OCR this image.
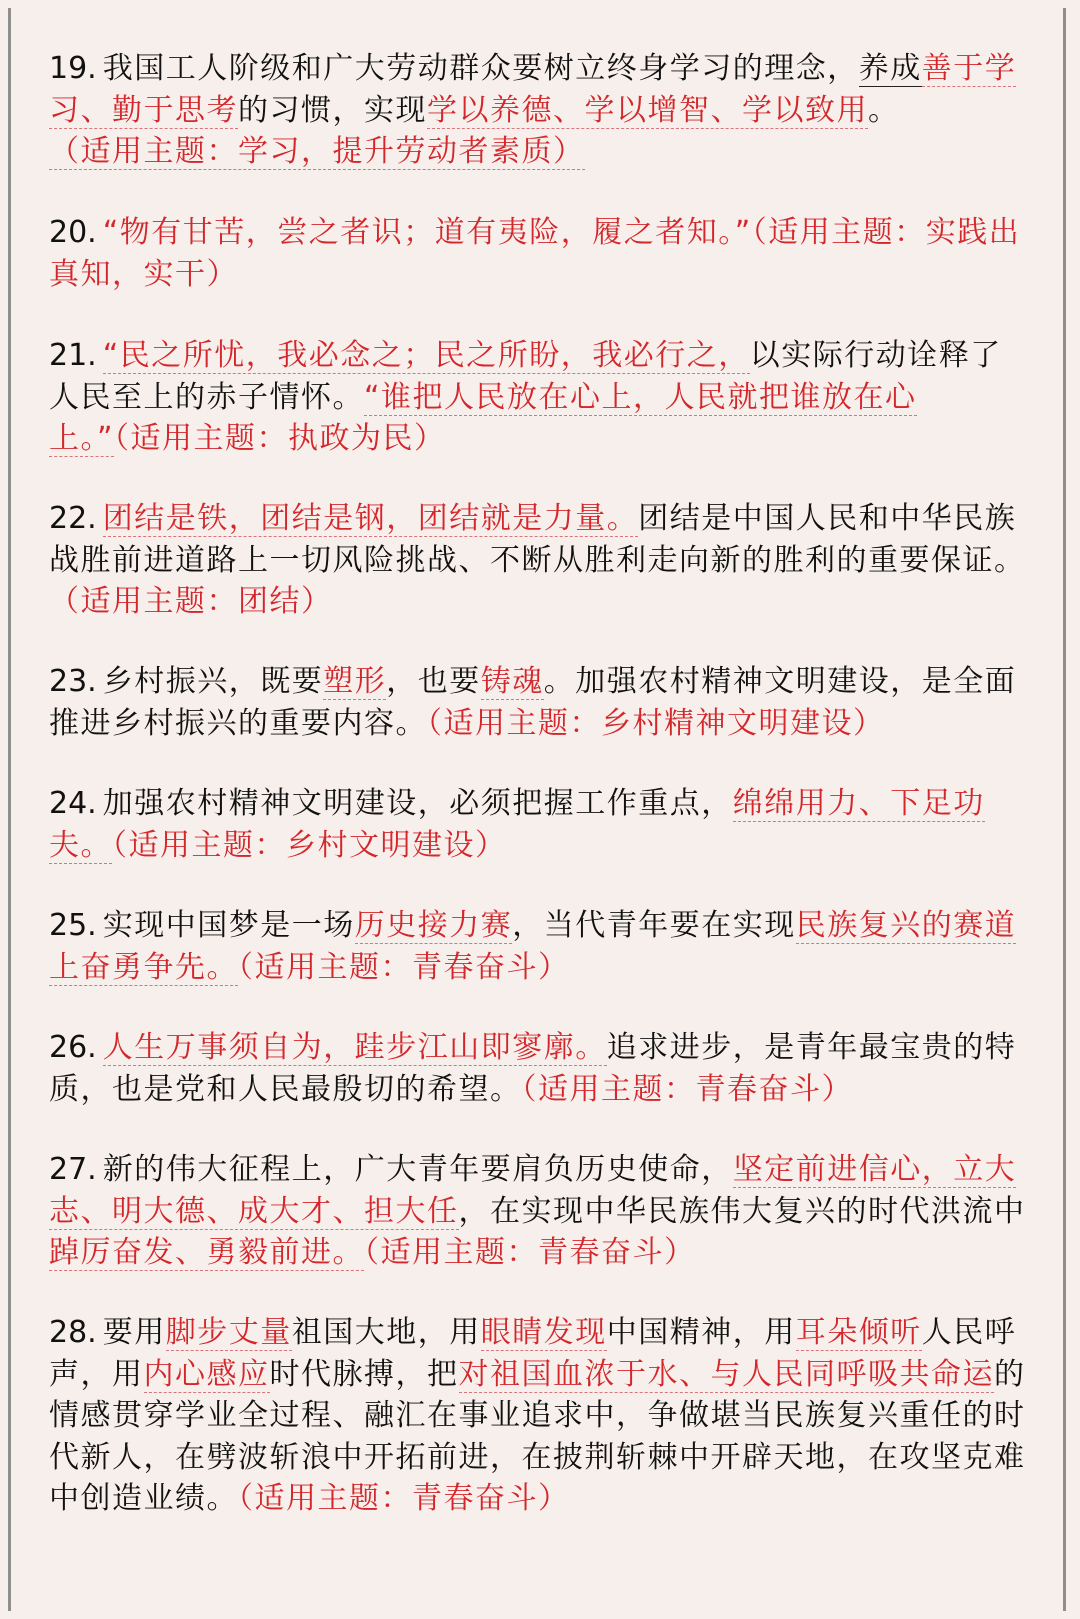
19. 我国工人阶级和广大劳动群众要树立终身学习的理念，养成善于学习、勤于思考的习惯，实现学以养德、学以增智、学以致用。
（适用主题：学习，提升劳动者素质）
20. “物有甘苦，尝之者识；道有夷险，履之者知。”（适用主题：实践出真知，实干）
21. “民之所忧，我必念之；民之所盼，我必行之，以实际行动诠释了人民至上的赤子情怀。“谁把人民放在心上，人民就把谁放在心上。”（适用主题：执政为民）
22. 团结是铁，团结是钢，团结就是力量。团结是中国人民和中华民族战胜前进道路上一切风险挑战、不断从胜利走向新的胜利的重要保证。（适用主题：团结）
23. 乡村振兴，既要塑形，也要铸魂。加强农村精神文明建设，是全面推进乡村振兴的重要内容。（适用主题：乡村精神文明建设）
24. 加强农村精神文明建设，必须把握工作重点，绵绵用力、下足功夫。（适用主题：乡村文明建设）
25. 实现中国梦是一场历史接力赛，当代青年要在实现民族复兴的赛道上奋勇争先。（适用主题：青春奋斗）
26. 人生万事须自为，跬步江山即寥廓。追求进步，是青年最宝贵的特质，也是党和人民最殷切的希望。（适用主题：青春奋斗）
27. 新的伟大征程上，广大青年要肩负历史使命，坚定前进信心，立大志、明大德、成大才、担大任，在实现中华民族伟大复兴的时代洪流中踔厉奋发、勇毅前进。（适用主题：青春奋斗）
28. 要用脚步丈量祖国大地，用眼睛发现中国精神，用耳朵倾听人民呼声，用内心感应时代脉搏，把对祖国血浓于水、与人民同呼吸共命运的情感贯穿学业全过程、融汇在事业追求中，争做堪当民族复兴重任的时代新人，在劈波斩浪中开拓前进，在披荆斩棘中开辟天地，在攻坚克难中创造业绩。（适用主题：青春奋斗）
